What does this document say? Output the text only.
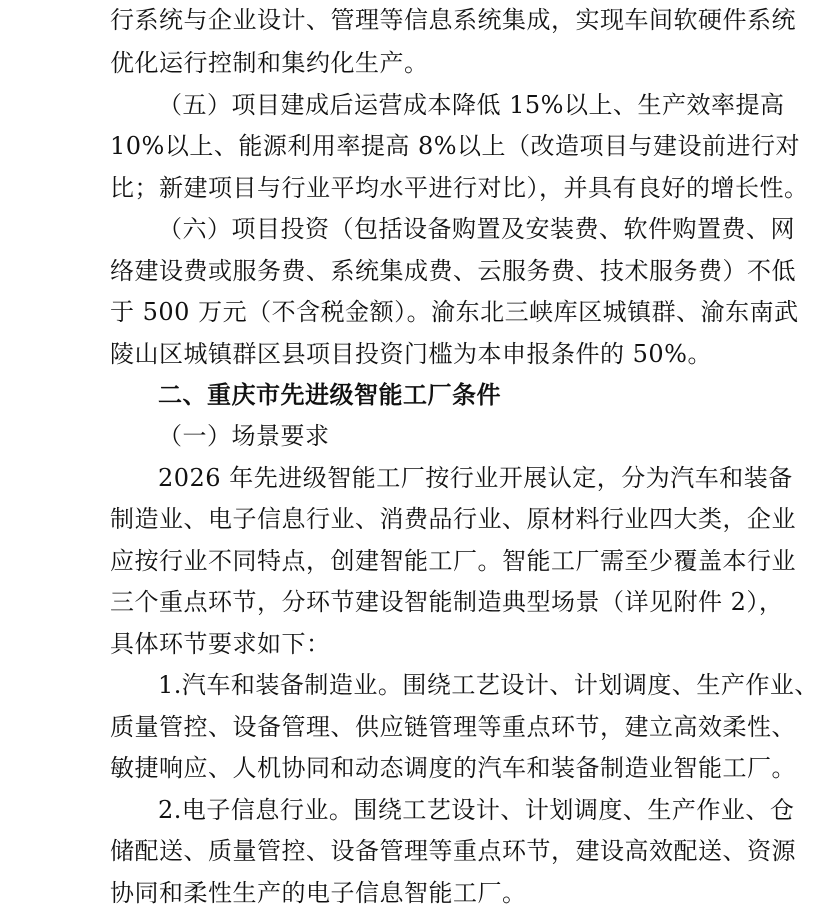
行系统与企业设计、管理等信息系统集成，实现车间软硬件系统
优化运行控制和集约化生产。
（五）项目建成后运营成本降低 15%以上、生产效率提高
10%以上、能源利用率提高 8%以上（改造项目与建设前进行对
比；新建项目与行业平均水平进行对比），并具有良好的增长性。
（六）项目投资（包括设备购置及安装费、软件购置费、网
络建设费或服务费、系统集成费、云服务费、技术服务费）不低
于 500 万元（不含税金额）。渝东北三峡库区城镇群、渝东南武
陵山区城镇群区县项目投资门槛为本申报条件的 50%。
二、重庆市先进级智能工厂条件
（一）场景要求
2026 年先进级智能工厂按行业开展认定，分为汽车和装备
制造业、电子信息行业、消费品行业、原材料行业四大类，企业
应按行业不同特点，创建智能工厂。智能工厂需至少覆盖本行业
三个重点环节，分环节建设智能制造典型场景（详见附件 2），
具体环节要求如下：
1.汽车和装备制造业。围绕工艺设计、计划调度、生产作业、
质量管控、设备管理、供应链管理等重点环节，建立高效柔性、
敏捷响应、人机协同和动态调度的汽车和装备制造业智能工厂。
2.电子信息行业。围绕工艺设计、计划调度、生产作业、仓
储配送、质量管控、设备管理等重点环节，建设高效配送、资源
协同和柔性生产的电子信息智能工厂。
